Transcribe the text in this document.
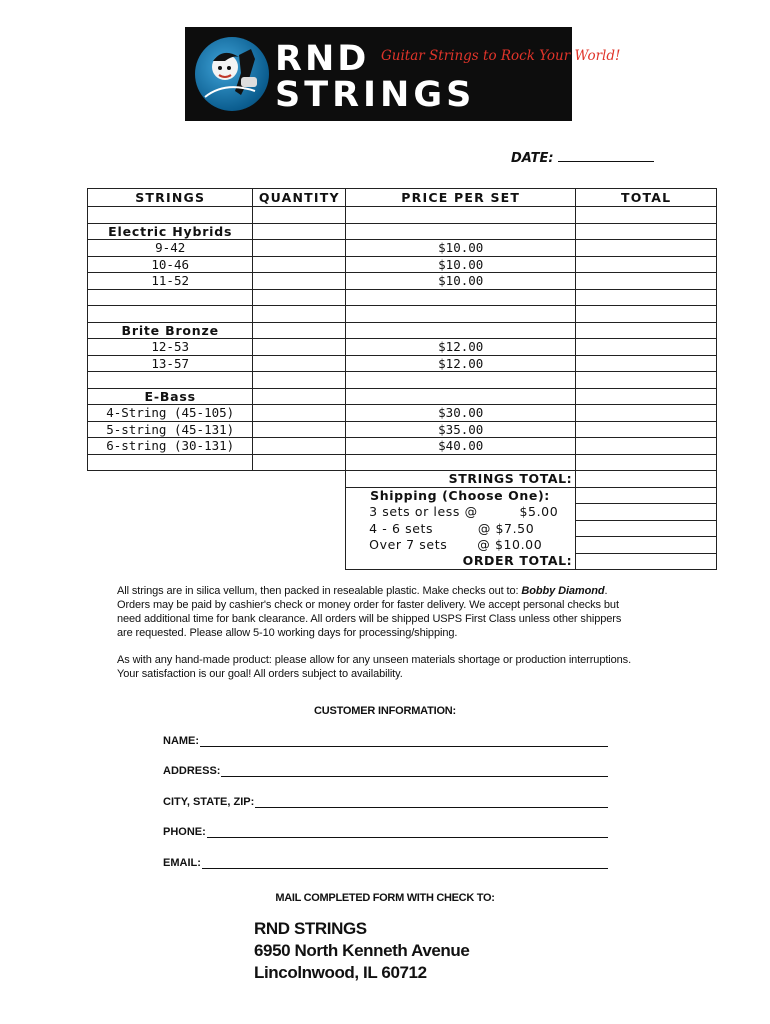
RND
STRINGS
Guitar Strings to Rock Your World!
DATE:
STRINGS	QUANTITY	PRICE PER SET	TOTAL

Electric Hybrids			
9-42		$10.00	
10-46		$10.00	
11-52		$10.00	

Brite Bronze			
12-53		$12.00	
13-57		$12.00	

E-Bass			
4-String (45-105)		$30.00	
5-string (45-131)		$35.00	
6-string (30-131)		$40.00	

		STRINGS TOTAL:	
		Shipping (Choose One):	

		3 sets or less @ $5.00	

		4 - 6 sets @ $7.50	

		Over 7 sets @ $10.00	

		ORDER TOTAL:	

All strings are in silica vellum, then packed in resealable plastic. Make checks out to: Bobby Diamond. Orders may be paid by cashier's check or money order for faster delivery. We accept personal checks but need additional time for bank clearance. All orders will be shipped USPS First Class unless other shippers are requested. Please allow 5-10 working days for processing/shipping.

As with any hand-made product: please allow for any unseen materials shortage or production interruptions. Your satisfaction is our goal! All orders subject to availability.

CUSTOMER INFORMATION:
NAME:
ADDRESS:
CITY, STATE, ZIP:
PHONE:
EMAIL:
MAIL COMPLETED FORM WITH CHECK TO:
RND STRINGS
6950 North Kenneth Avenue
Lincolnwood, IL 60712
